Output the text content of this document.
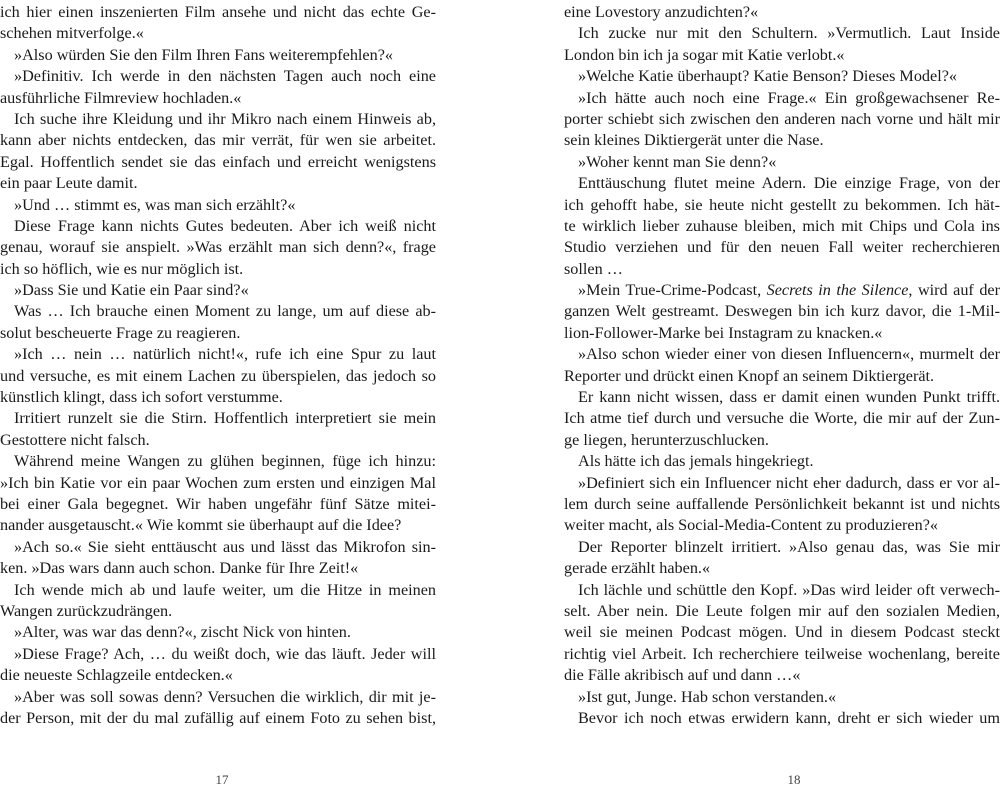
ich hier einen inszenierten Film ansehe und nicht das echte Ge-
schehen mitverfolge.«
»Also würden Sie den Film Ihren Fans weiterempfehlen?«
»Definitiv. Ich werde in den nächsten Tagen auch noch eine
ausführliche Filmreview hochladen.«
Ich suche ihre Kleidung und ihr Mikro nach einem Hinweis ab,
kann aber nichts entdecken, das mir verrät, für wen sie arbeitet.
Egal. Hoffentlich sendet sie das einfach und erreicht wenigstens
ein paar Leute damit.
»Und … stimmt es, was man sich erzählt?«
Diese Frage kann nichts Gutes bedeuten. Aber ich weiß nicht
genau, worauf sie anspielt. »Was erzählt man sich denn?«, frage
ich so höflich, wie es nur möglich ist.
»Dass Sie und Katie ein Paar sind?«
Was … Ich brauche einen Moment zu lange, um auf diese ab-
solut bescheuerte Frage zu reagieren.
»Ich … nein … natürlich nicht!«, rufe ich eine Spur zu laut
und versuche, es mit einem Lachen zu überspielen, das jedoch so
künstlich klingt, dass ich sofort verstumme.
Irritiert runzelt sie die Stirn. Hoffentlich interpretiert sie mein
Gestottere nicht falsch.
Während meine Wangen zu glühen beginnen, füge ich hinzu:
»Ich bin Katie vor ein paar Wochen zum ersten und einzigen Mal
bei einer Gala begegnet. Wir haben ungefähr fünf Sätze mitei-
nander ausgetauscht.« Wie kommt sie überhaupt auf die Idee?
»Ach so.« Sie sieht enttäuscht aus und lässt das Mikrofon sin-
ken. »Das wars dann auch schon. Danke für Ihre Zeit!«
Ich wende mich ab und laufe weiter, um die Hitze in meinen
Wangen zurückzudrängen.
»Alter, was war das denn?«, zischt Nick von hinten.
»Diese Frage? Ach, … du weißt doch, wie das läuft. Jeder will
die neueste Schlagzeile entdecken.«
»Aber was soll sowas denn? Versuchen die wirklich, dir mit je-
der Person, mit der du mal zufällig auf einem Foto zu sehen bist,
17
eine Lovestory anzudichten?«
Ich zucke nur mit den Schultern. »Vermutlich. Laut Inside
London bin ich ja sogar mit Katie verlobt.«
»Welche Katie überhaupt? Katie Benson? Dieses Model?«
»Ich hätte auch noch eine Frage.« Ein großgewachsener Re-
porter schiebt sich zwischen den anderen nach vorne und hält mir
sein kleines Diktiergerät unter die Nase.
»Woher kennt man Sie denn?«
Enttäuschung flutet meine Adern. Die einzige Frage, von der
ich gehofft habe, sie heute nicht gestellt zu bekommen. Ich hät-
te wirklich lieber zuhause bleiben, mich mit Chips und Cola ins
Studio verziehen und für den neuen Fall weiter recherchieren
sollen …
»Mein True-Crime-Podcast, Secrets in the Silence, wird auf der
ganzen Welt gestreamt. Deswegen bin ich kurz davor, die 1-Mil-
lion-Follower-Marke bei Instagram zu knacken.«
»Also schon wieder einer von diesen Influencern«, murmelt der
Reporter und drückt einen Knopf an seinem Diktiergerät.
Er kann nicht wissen, dass er damit einen wunden Punkt trifft.
Ich atme tief durch und versuche die Worte, die mir auf der Zun-
ge liegen, herunterzuschlucken.
Als hätte ich das jemals hingekriegt.
»Definiert sich ein Influencer nicht eher dadurch, dass er vor al-
lem durch seine auffallende Persönlichkeit bekannt ist und nichts
weiter macht, als Social-Media-Content zu produzieren?«
Der Reporter blinzelt irritiert. »Also genau das, was Sie mir
gerade erzählt haben.«
Ich lächle und schüttle den Kopf. »Das wird leider oft verwech-
selt. Aber nein. Die Leute folgen mir auf den sozialen Medien,
weil sie meinen Podcast mögen. Und in diesem Podcast steckt
richtig viel Arbeit. Ich recherchiere teilweise wochenlang, bereite
die Fälle akribisch auf und dann …«
»Ist gut, Junge. Hab schon verstanden.«
Bevor ich noch etwas erwidern kann, dreht er sich wieder um
18
